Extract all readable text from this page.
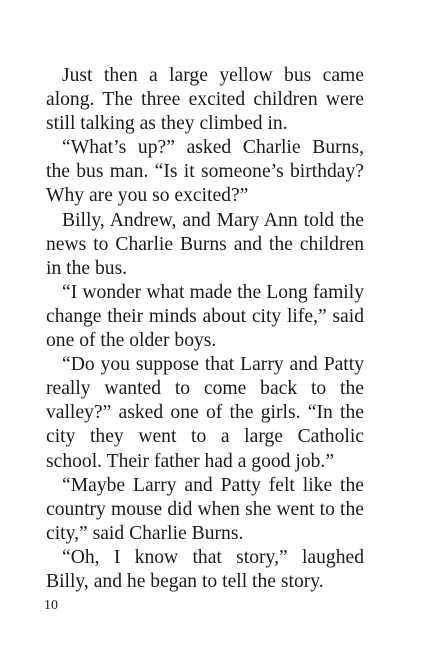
Just then a large yellow bus came along. The three excited children were still talking as they climbed in.

“What’s up?” asked Charlie Burns, the bus man. “Is it someone’s birthday? Why are you so excited?”

Billy, Andrew, and Mary Ann told the news to Charlie Burns and the children in the bus.

“I wonder what made the Long family change their minds about city life,” said one of the older boys.

“Do you suppose that Larry and Patty really wanted to come back to the valley?” asked one of the girls. “In the city they went to a large Catholic school. Their father had a good job.”

“Maybe Larry and Patty felt like the country mouse did when she went to the city,” said Charlie Burns.

“Oh, I know that story,” laughed Billy, and he began to tell the story.

10
